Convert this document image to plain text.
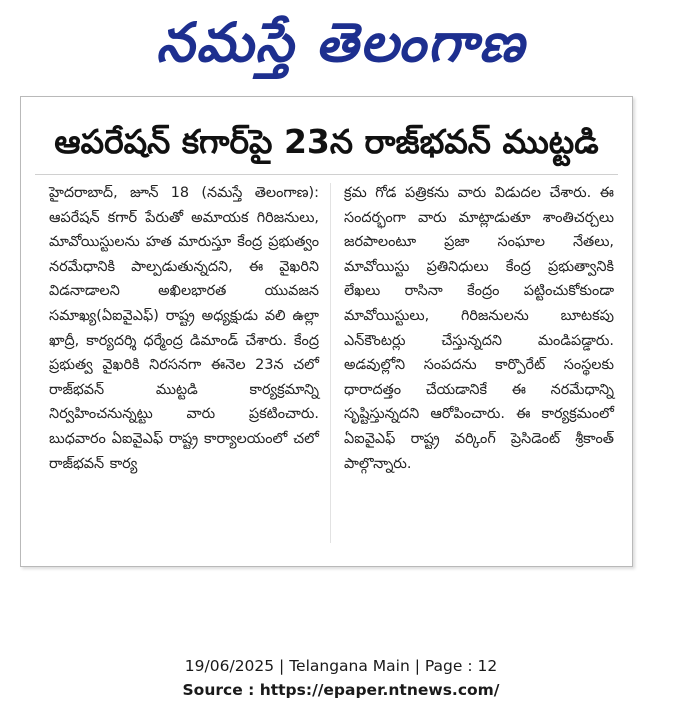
నమస్తే తెలంగాణ
ఆపరేషన్ కగార్‌పై 23న రాజ్‌భవన్ ముట్టడి
హైదరాబాద్, జూన్ 18 (నమస్తే తెలంగాణ): ఆపరేషన్ కగార్ పేరుతో అమాయక గిరిజనులు, మావోయిస్టులను హత మారుస్తూ కేంద్ర ప్రభుత్వం నరమేధానికి పాల్పడుతున్నదని, ఈ వైఖరిని విడనాడాలని అఖిలభారత యువజన సమాఖ్య(ఏఐవైఎఫ్) రాష్ట్ర అధ్యక్షుడు వలి ఉల్లా ఖాద్రీ, కార్యదర్శి ధర్మేంద్ర డిమాండ్ చేశారు. కేంద్ర ప్రభుత్వ వైఖరికి నిరసనగా ఈనెల 23న చలో రాజ్‌భవన్ ముట్టడి కార్యక్రమాన్ని నిర్వహించనున్నట్టు వారు ప్రకటించారు. బుధవారం ఏఐవైఎఫ్ రాష్ట్ర కార్యాలయంలో చలో రాజ్‌భవన్ కార్య
క్రమ గోడ పత్రికను వారు విడుదల చేశారు. ఈ సందర్భంగా వారు మాట్లాడుతూ శాంతిచర్చలు జరపాలంటూ ప్రజా సంఘాల నేతలు, మావోయిస్టు ప్రతినిధులు కేంద్ర ప్రభుత్వానికి లేఖలు రాసినా కేంద్రం పట్టించుకోకుండా మావోయిస్టులు, గిరిజనులను బూటకపు ఎన్‌కౌంటర్లు చేస్తున్నదని మండిపడ్డారు. అడవుల్లోని సంపదను కార్పొరేట్ సంస్థలకు ధారాదత్తం చేయడానికే ఈ నరమేధాన్ని సృష్టిస్తున్నదని ఆరోపించారు. ఈ కార్యక్రమంలో ఏఐవైఎఫ్ రాష్ట్ర వర్కింగ్ ప్రెసిడెంట్ శ్రీకాంత్ పాల్గొన్నారు.
19/06/2025 | Telangana Main | Page : 12
Source : https://epaper.ntnews.com/
